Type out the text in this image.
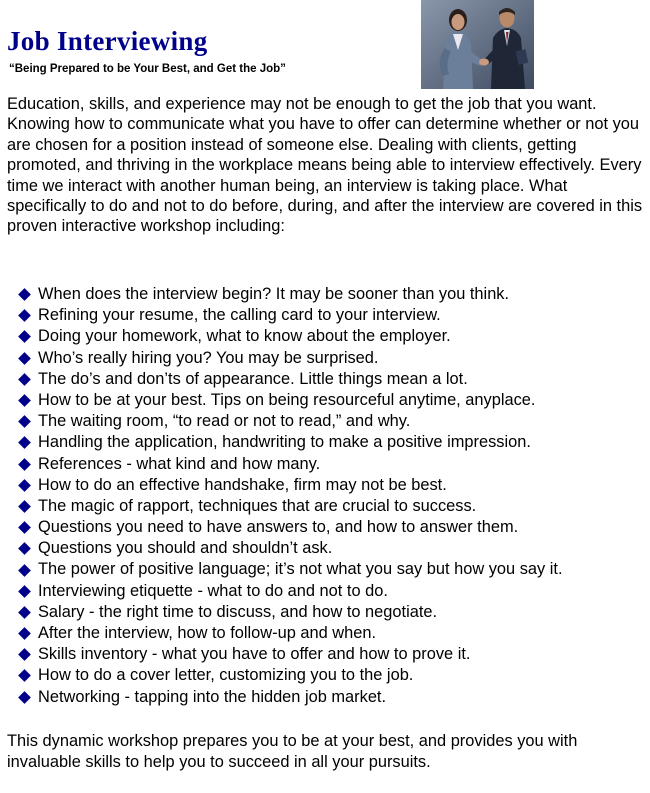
Job Interviewing

“Being Prepared to be Your Best, and Get the Job”

Education, skills, and experience may not be enough to get the job that you want. Knowing how to communicate what you have to offer can determine whether or not you are chosen for a position instead of someone else. Dealing with clients, getting promoted, and thriving in the workplace means being able to interview effectively. Every time we interact with another human being, an interview is taking place. What specifically to do and not to do before, during, and after the interview are covered in this proven interactive workshop including:

When does the interview begin? It may be sooner than you think.
Refining your resume, the calling card to your interview.
Doing your homework, what to know about the employer.
Who’s really hiring you? You may be surprised.
The do’s and don’ts of appearance. Little things mean a lot.
How to be at your best. Tips on being resourceful anytime, anyplace.
The waiting room, “to read or not to read,” and why.
Handling the application, handwriting to make a positive impression.
References - what kind and how many.
How to do an effective handshake, firm may not be best.
The magic of rapport, techniques that are crucial to success.
Questions you need to have answers to, and how to answer them.
Questions you should and shouldn’t ask.
The power of positive language; it’s not what you say but how you say it.
Interviewing etiquette - what to do and not to do.
Salary - the right time to discuss, and how to negotiate.
After the interview, how to follow-up and when.
Skills inventory - what you have to offer and how to prove it.
How to do a cover letter, customizing you to the job.
Networking - tapping into the hidden job market.

This dynamic workshop prepares you to be at your best, and provides you with invaluable skills to help you to succeed in all your pursuits.
